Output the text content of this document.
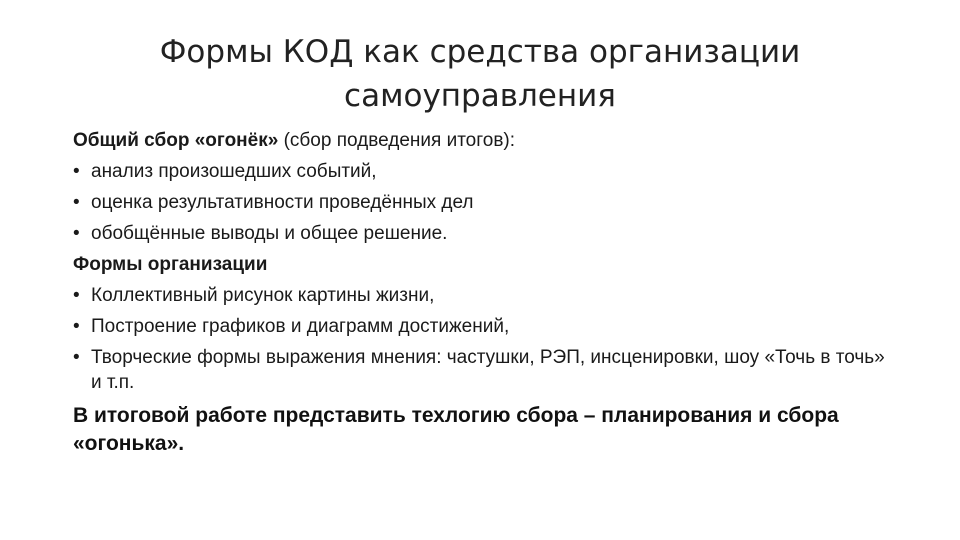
Формы КОД как средства организации
самоуправления
Общий сбор «огонёк» (сбор подведения итогов):
• анализ произошедших событий,
• оценка результативности проведённых дел
• обобщённые выводы и общее решение.
Формы организации
• Коллективный рисунок картины жизни,
• Построение графиков и диаграмм достижений,
• Творческие формы выражения мнения: частушки, РЭП, инсценировки, шоу «Точь в точь» и т.п.
В итоговой работе представить техлогию сбора – планирования и сбора «огонька».
